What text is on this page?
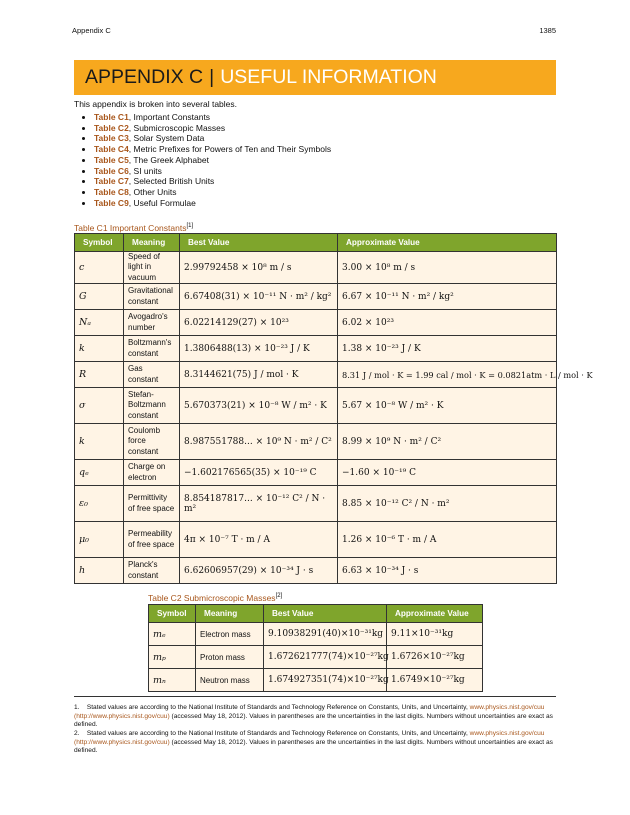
Appendix C	1385
APPENDIX C | USEFUL INFORMATION
This appendix is broken into several tables.
• Table C1, Important Constants
• Table C2, Submicroscopic Masses
• Table C3, Solar System Data
• Table C4, Metric Prefixes for Powers of Ten and Their Symbols
• Table C5, The Greek Alphabet
• Table C6, SI units
• Table C7, Selected British Units
• Table C8, Other Units
• Table C9, Useful Formulae
Table C1 Important Constants[1]
Symbol	Meaning	Best Value	Approximate Value
c	Speed of light in vacuum	2.99792458 × 10⁸ m / s	3.00 × 10⁸ m / s
G	Gravitational constant	6.67408(31) × 10⁻¹¹ N · m² / kg²	6.67 × 10⁻¹¹ N · m² / kg²
Nₐ	Avogadro's number	6.02214129(27) × 10²³	6.02 × 10²³
k	Boltzmann's constant	1.3806488(13) × 10⁻²³ J / K	1.38 × 10⁻²³ J / K
R	Gas constant	8.3144621(75) J / mol · K	8.31 J / mol · K = 1.99 cal / mol · K = 0.0821atm · L / mol · K
σ	Stefan-Boltzmann constant	5.670373(21) × 10⁻⁸ W / m² · K	5.67 × 10⁻⁸ W / m² · K
k	Coulomb force constant	8.987551788... × 10⁹ N · m² / C²	8.99 × 10⁹ N · m² / C²
qₑ	Charge on electron	−1.602176565(35) × 10⁻¹⁹ C	−1.60 × 10⁻¹⁹ C
ε₀	Permittivity of free space	8.854187817... × 10⁻¹² C² / N · m²	8.85 × 10⁻¹² C² / N · m²
μ₀	Permeability of free space	4π × 10⁻⁷ T · m / A	1.26 × 10⁻⁶ T · m / A
h	Planck's constant	6.62606957(29) × 10⁻³⁴ J · s	6.63 × 10⁻³⁴ J · s
Table C2 Submicroscopic Masses[2]
Symbol	Meaning	Best Value	Approximate Value
mₑ	Electron mass	9.10938291(40)×10⁻³¹kg	9.11×10⁻³¹kg
mₚ	Proton mass	1.672621777(74)×10⁻²⁷kg	1.6726×10⁻²⁷kg
mₙ	Neutron mass	1.674927351(74)×10⁻²⁷kg	1.6749×10⁻²⁷kg
1. Stated values are according to the National Institute of Standards and Technology Reference on Constants, Units, and Uncertainty, www.physics.nist.gov/cuu (http://www.physics.nist.gov/cuu) (accessed May 18, 2012). Values in parentheses are the uncertainties in the last digits. Numbers without uncertainties are exact as defined.
2. Stated values are according to the National Institute of Standards and Technology Reference on Constants, Units, and Uncertainty, www.physics.nist.gov/cuu (http://www.physics.nist.gov/cuu) (accessed May 18, 2012). Values in parentheses are the uncertainties in the last digits. Numbers without uncertainties are exact as defined.
